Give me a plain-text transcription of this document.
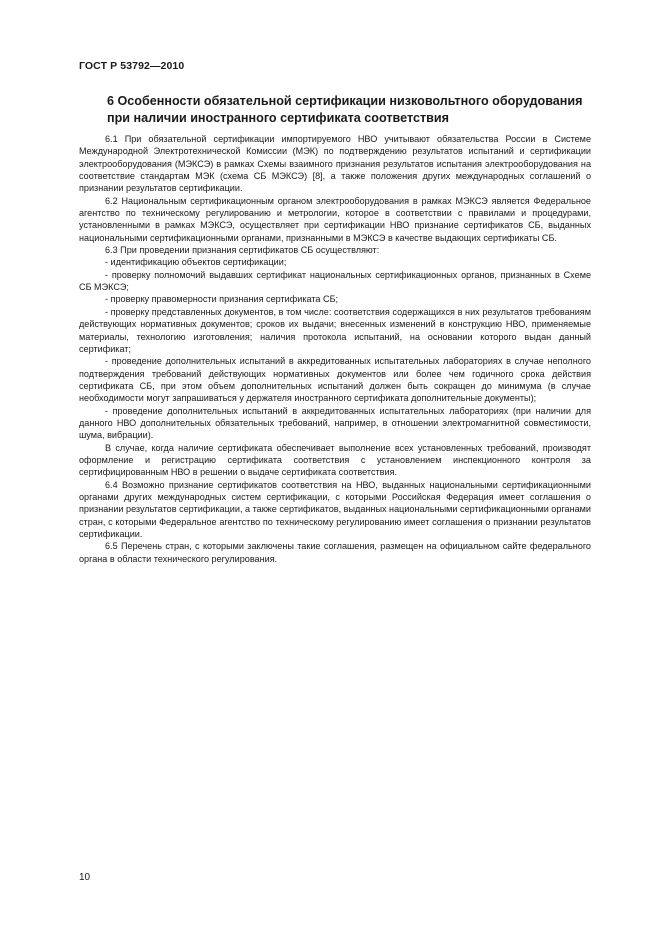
ГОСТ Р 53792—2010
6 Особенности обязательной сертификации низковольтного оборудования при наличии иностранного сертификата соответствия

6.1 При обязательной сертификации импортируемого НВО учитывают обязательства России в Системе Международной Электротехнической Комиссии (МЭК) по подтверждению результатов испытаний и сертификации электрооборудования (МЭКСЭ) в рамках Схемы взаимного признания результатов испытания электрооборудования на соответствие стандартам МЭК (схема СБ МЭКСЭ) [8], а также положения других международных соглашений о признании результатов сертификации.

6.2 Национальным сертификационным органом электрооборудования в рамках МЭКСЭ является Федеральное агентство по техническому регулированию и метрологии, которое в соответствии с правилами и процедурами, установленными в рамках МЭКСЭ, осуществляет при сертификации НВО признание сертификатов СБ, выданных национальными сертификационными органами, признанными в МЭКСЭ в качестве выдающих сертификаты СБ.

6.3 При проведении признания сертификатов СБ осуществляют:

- идентификацию объектов сертификации;

- проверку полномочий выдавших сертификат национальных сертификационных органов, признанных в Схеме СБ МЭКСЭ;

- проверку правомерности признания сертификата СБ;

- проверку представленных документов, в том числе: соответствия содержащихся в них результатов требованиям действующих нормативных документов; сроков их выдачи; внесенных изменений в конструкцию НВО, применяемые материалы, технологию изготовления; наличия протокола испытаний, на основании которого выдан данный сертификат;

- проведение дополнительных испытаний в аккредитованных испытательных лабораториях в случае неполного подтверждения требований действующих нормативных документов или более чем годичного срока действия сертификата СБ, при этом объем дополнительных испытаний должен быть сокращен до минимума (в случае необходимости могут запрашиваться у держателя иностранного сертификата дополнительные документы);

- проведение дополнительных испытаний в аккредитованных испытательных лабораториях (при наличии для данного НВО дополнительных обязательных требований, например, в отношении электромагнитной совместимости, шума, вибрации).

В случае, когда наличие сертификата обеспечивает выполнение всех установленных требований, производят оформление и регистрацию сертификата соответствия с установлением инспекционного контроля за сертифицированным НВО в решении о выдаче сертификата соответствия.

6.4 Возможно признание сертификатов соответствия на НВО, выданных национальными сертификационными органами других международных систем сертификации, с которыми Российская Федерация имеет соглашения о признании результатов сертификации, а также сертификатов, выданных национальными сертификационными органами стран, с которыми Федеральное агентство по техническому регулированию имеет соглашения о признании результатов сертификации.

6.5 Перечень стран, с которыми заключены такие соглашения, размещен на официальном сайте федерального органа в области технического регулирования.

10
